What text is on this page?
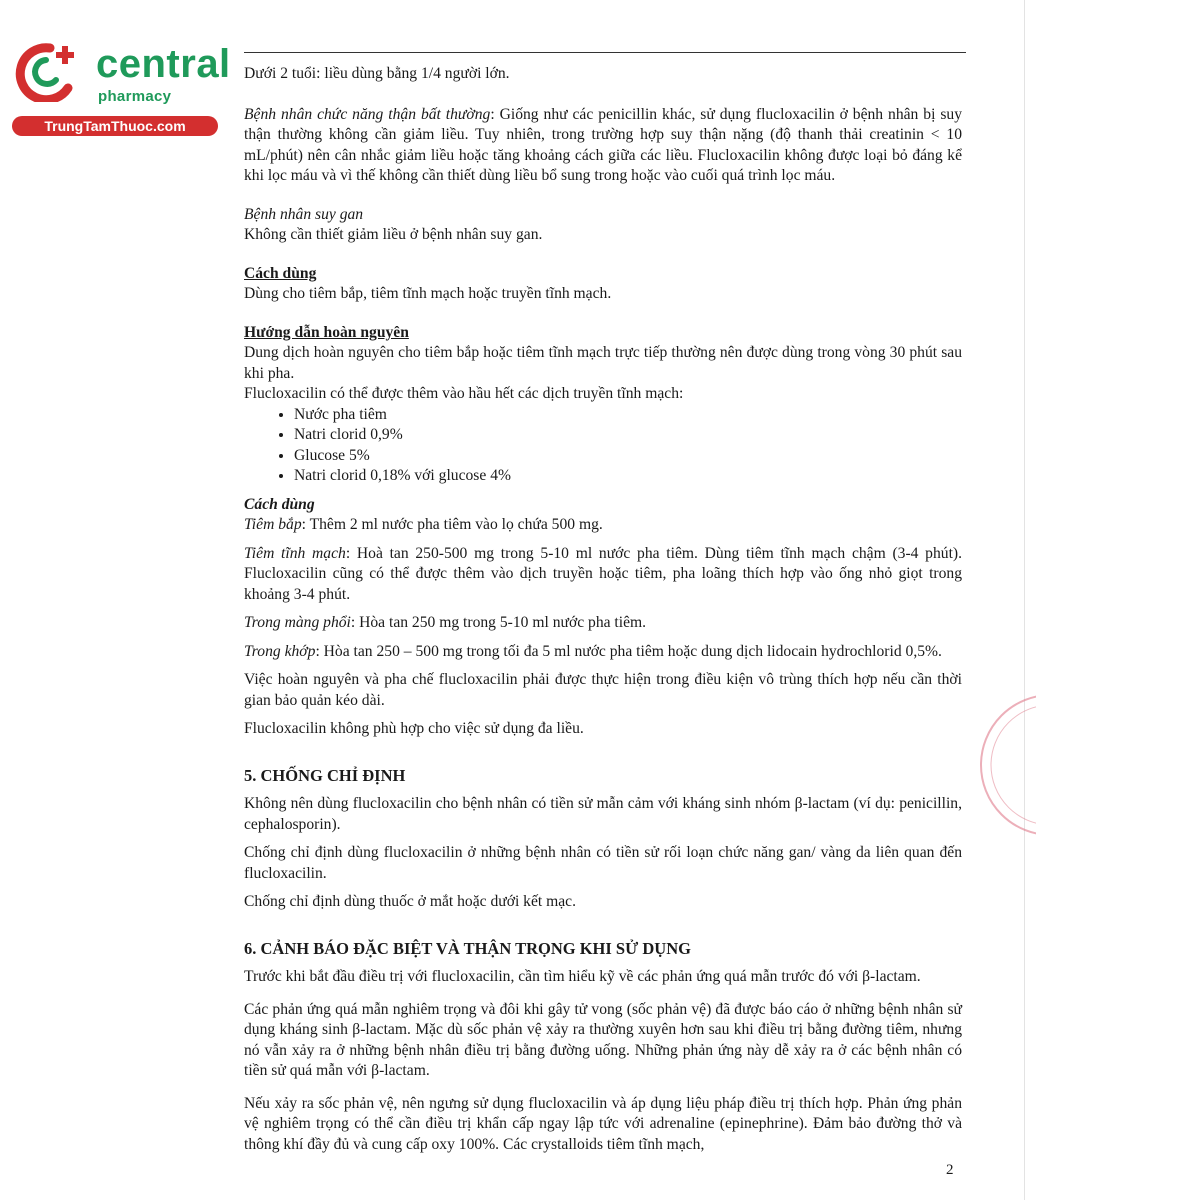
central
pharmacy
TrungTamThuoc.com

Dưới 2 tuổi: liều dùng bằng 1/4 người lớn.

Bệnh nhân chức năng thận bất thường: Giống như các penicillin khác, sử dụng flucloxacilin ở bệnh nhân bị suy thận thường không cần giảm liều. Tuy nhiên, trong trường hợp suy thận nặng (độ thanh thải creatinin < 10 mL/phút) nên cân nhắc giảm liều hoặc tăng khoảng cách giữa các liều. Flucloxacilin không được loại bỏ đáng kể khi lọc máu và vì thế không cần thiết dùng liều bổ sung trong hoặc vào cuối quá trình lọc máu.

Bệnh nhân suy gan

Không cần thiết giảm liều ở bệnh nhân suy gan.

Cách dùng

Dùng cho tiêm bắp, tiêm tĩnh mạch hoặc truyền tĩnh mạch.

Hướng dẫn hoàn nguyên

Dung dịch hoàn nguyên cho tiêm bắp hoặc tiêm tĩnh mạch trực tiếp thường nên được dùng trong vòng 30 phút sau khi pha.

Flucloxacilin có thể được thêm vào hầu hết các dịch truyền tĩnh mạch:

• Nước pha tiêm
• Natri clorid 0,9%
• Glucose 5%
• Natri clorid 0,18% với glucose 4%

Cách dùng

Tiêm bắp: Thêm 2 ml nước pha tiêm vào lọ chứa 500 mg.

Tiêm tĩnh mạch: Hoà tan 250-500 mg trong 5-10 ml nước pha tiêm. Dùng tiêm tĩnh mạch chậm (3-4 phút). Flucloxacilin cũng có thể được thêm vào dịch truyền hoặc tiêm, pha loãng thích hợp vào ống nhỏ giọt trong khoảng 3-4 phút.

Trong màng phổi: Hòa tan 250 mg trong 5-10 ml nước pha tiêm.

Trong khớp: Hòa tan 250 – 500 mg trong tối đa 5 ml nước pha tiêm hoặc dung dịch lidocain hydrochlorid 0,5%.

Việc hoàn nguyên và pha chế flucloxacilin phải được thực hiện trong điều kiện vô trùng thích hợp nếu cần thời gian bảo quản kéo dài.

Flucloxacilin không phù hợp cho việc sử dụng đa liều.

5. CHỐNG CHỈ ĐỊNH

Không nên dùng flucloxacilin cho bệnh nhân có tiền sử mẫn cảm với kháng sinh nhóm β-lactam (ví dụ: penicillin, cephalosporin).

Chống chỉ định dùng flucloxacilin ở những bệnh nhân có tiền sử rối loạn chức năng gan/ vàng da liên quan đến flucloxacilin.

Chống chỉ định dùng thuốc ở mắt hoặc dưới kết mạc.

6. CẢNH BÁO ĐẶC BIỆT VÀ THẬN TRỌNG KHI SỬ DỤNG

Trước khi bắt đầu điều trị với flucloxacilin, cần tìm hiểu kỹ về các phản ứng quá mẫn trước đó với β-lactam.

Các phản ứng quá mẫn nghiêm trọng và đôi khi gây tử vong (sốc phản vệ) đã được báo cáo ở những bệnh nhân sử dụng kháng sinh β-lactam. Mặc dù sốc phản vệ xảy ra thường xuyên hơn sau khi điều trị bằng đường tiêm, nhưng nó vẫn xảy ra ở những bệnh nhân điều trị bằng đường uống. Những phản ứng này dễ xảy ra ở các bệnh nhân có tiền sử quá mẫn với β-lactam.

Nếu xảy ra sốc phản vệ, nên ngưng sử dụng flucloxacilin và áp dụng liệu pháp điều trị thích hợp. Phản ứng phản vệ nghiêm trọng có thể cần điều trị khẩn cấp ngay lập tức với adrenaline (epinephrine). Đảm bảo đường thở và thông khí đầy đủ và cung cấp oxy 100%. Các crystalloids tiêm tĩnh mạch,

2
